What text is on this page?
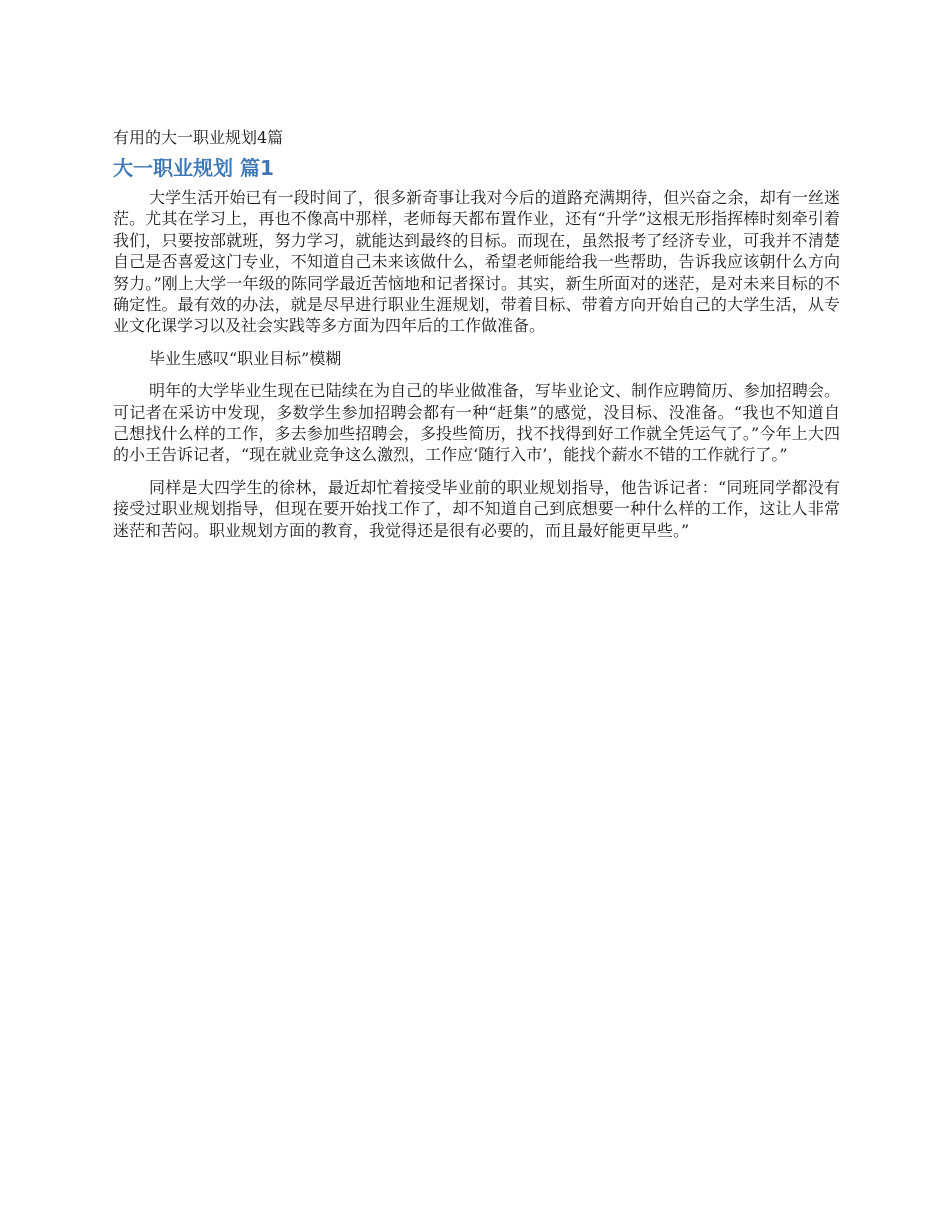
有用的大一职业规划4篇
大一职业规划 篇1

大学生活开始已有一段时间了，很多新奇事让我对今后的道路充满期待，但兴奋之余，却有一丝迷茫。尤其在学习上，再也不像高中那样，老师每天都布置作业，还有“升学”这根无形指挥棒时刻牵引着我们，只要按部就班，努力学习，就能达到最终的目标。而现在，虽然报考了经济专业，可我并不清楚自己是否喜爱这门专业，不知道自己未来该做什么，希望老师能给我一些帮助，告诉我应该朝什么方向努力。”刚上大学一年级的陈同学最近苦恼地和记者探讨。其实，新生所面对的迷茫，是对未来目标的不确定性。最有效的办法，就是尽早进行职业生涯规划，带着目标、带着方向开始自己的大学生活，从专业文化课学习以及社会实践等多方面为四年后的工作做准备。

毕业生感叹“职业目标”模糊

明年的大学毕业生现在已陆续在为自己的毕业做准备，写毕业论文、制作应聘简历、参加招聘会。可记者在采访中发现，多数学生参加招聘会都有一种“赶集”的感觉，没目标、没准备。“我也不知道自己想找什么样的工作，多去参加些招聘会，多投些简历，找不找得到好工作就全凭运气了。”今年上大四的小王告诉记者，“现在就业竞争这么激烈，工作应‘随行入市’，能找个薪水不错的工作就行了。”

同样是大四学生的徐林，最近却忙着接受毕业前的职业规划指导，他告诉记者：“同班同学都没有接受过职业规划指导，但现在要开始找工作了，却不知道自己到底想要一种什么样的工作，这让人非常迷茫和苦闷。职业规划方面的教育，我觉得还是很有必要的，而且最好能更早些。”
